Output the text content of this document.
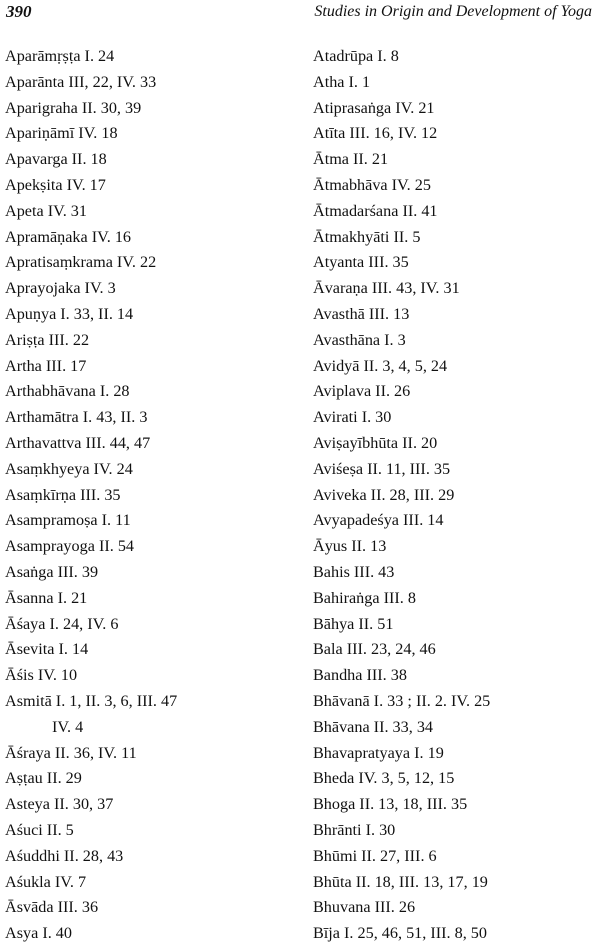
390	Studies in Origin and Development of Yoga
Aparāmṛṣṭa I. 24
Aparānta III, 22, IV. 33
Aparigraha II. 30, 39
Apariṇāmī IV. 18
Apavarga II. 18
Apekṣita IV. 17
Apeta IV. 31
Apramāṇaka IV. 16
Apratisaṃkrama IV. 22
Aprayojaka IV. 3
Apuṇya I. 33, II. 14
Ariṣṭa III. 22
Artha III. 17
Arthabhāvana I. 28
Arthamātra I. 43, II. 3
Arthavattva III. 44, 47
Asaṃkhyeya IV. 24
Asaṃkīrṇa III. 35
Asampramoṣa I. 11
Asamprayoga II. 54
Asaṅga III. 39
Āsanna I. 21
Āśaya I. 24, IV. 6
Āsevita I. 14
Āśis IV. 10
Asmitā I. 1, II. 3, 6, III. 47
IV. 4
Āśraya II. 36, IV. 11
Aṣṭau II. 29
Asteya II. 30, 37
Aśuci II. 5
Aśuddhi II. 28, 43
Aśukla IV. 7
Āsvāda III. 36
Asya I. 40
Atadrūpa I. 8
Atha I. 1
Atiprasaṅga IV. 21
Atīta III. 16, IV. 12
Ātma II. 21
Ātmabhāva IV. 25
Ātmadarśana II. 41
Ātmakhyāti II. 5
Atyanta III. 35
Āvaraṇa III. 43, IV. 31
Avasthā III. 13
Avasthāna I. 3
Avidyā II. 3, 4, 5, 24
Aviplava II. 26
Avirati I. 30
Aviṣayībhūta II. 20
Aviśeṣa II. 11, III. 35
Aviveka II. 28, III. 29
Avyapadeśya III. 14
Āyus II. 13
Bahis III. 43
Bahiraṅga III. 8
Bāhya II. 51
Bala III. 23, 24, 46
Bandha III. 38
Bhāvanā I. 33 ; II. 2. IV. 25
Bhāvana II. 33, 34
Bhavapratyaya I. 19
Bheda IV. 3, 5, 12, 15
Bhoga II. 13, 18, III. 35
Bhrānti I. 30
Bhūmi II. 27, III. 6
Bhūta II. 18, III. 13, 17, 19
Bhuvana III. 26
Bīja I. 25, 46, 51, III. 8, 50
